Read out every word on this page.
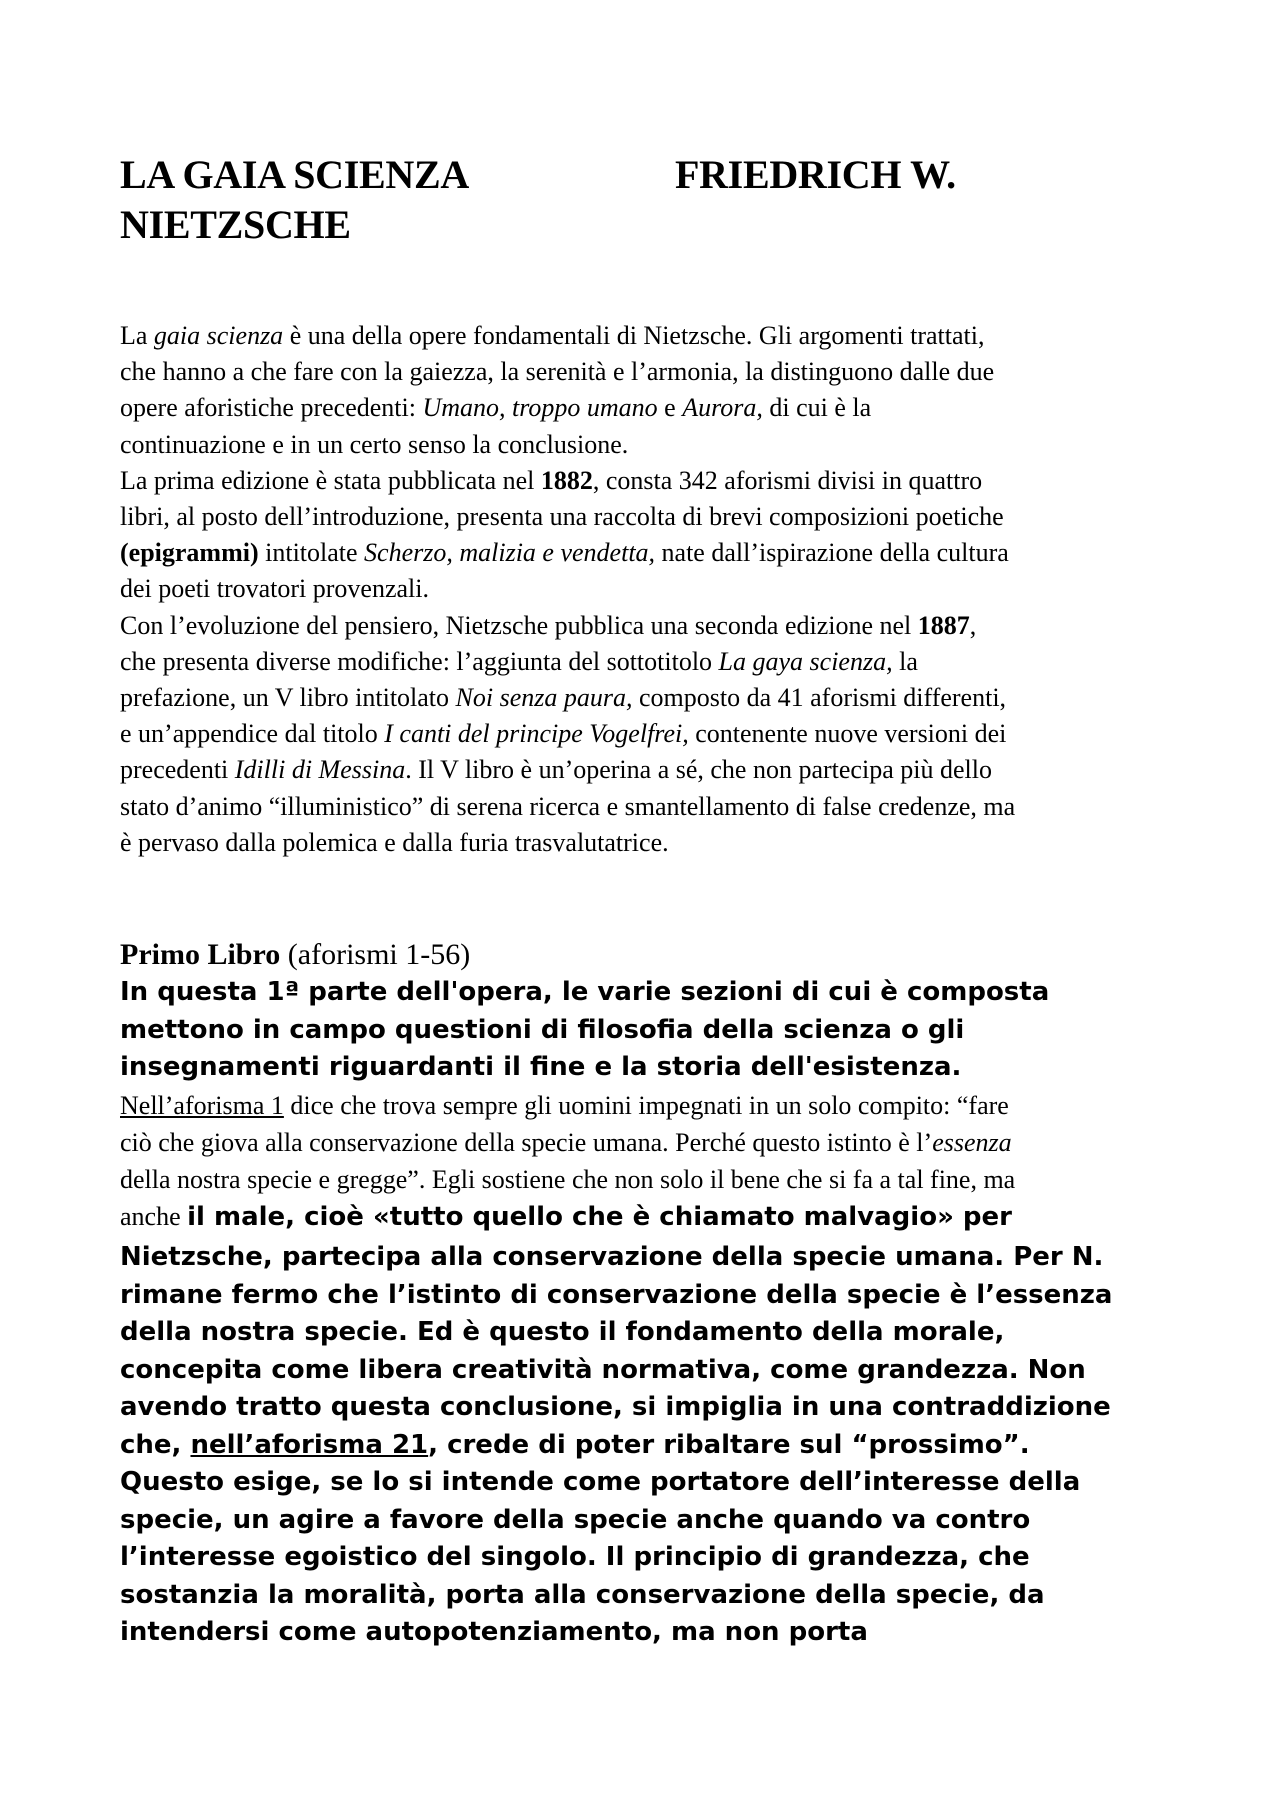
LA GAIA SCIENZA	FRIEDRICH W.
NIETZSCHE

La gaia scienza è una della opere fondamentali di Nietzsche. Gli argomenti trattati,

che hanno a che fare con la gaiezza, la serenità e l’armonia, la distinguono dalle due

opere aforistiche precedenti: Umano, troppo umano e Aurora, di cui è la

continuazione e in un certo senso la conclusione.

La prima edizione è stata pubblicata nel 1882, consta 342 aforismi divisi in quattro

libri, al posto dell’introduzione, presenta una raccolta di brevi composizioni poetiche

(epigrammi) intitolate Scherzo, malizia e vendetta, nate dall’ispirazione della cultura

dei poeti trovatori provenzali.

Con l’evoluzione del pensiero, Nietzsche pubblica una seconda edizione nel 1887,

che presenta diverse modifiche: l’aggiunta del sottotitolo La gaya scienza, la

prefazione, un V libro intitolato Noi senza paura, composto da 41 aforismi differenti,

e un’appendice dal titolo I canti del principe Vogelfrei, contenente nuove versioni dei

precedenti Idilli di Messina. Il V libro è un’operina a sé, che non partecipa più dello

stato d’animo “illuministico” di serena ricerca e smantellamento di false credenze, ma

è pervaso dalla polemica e dalla furia trasvalutatrice.

Primo Libro (aforismi 1-56)

In questa 1ª parte dell'opera, le varie sezioni di cui è composta

mettono in campo questioni di filosofia della scienza o gli

insegnamenti riguardanti il fine e la storia dell'esistenza.

Nell’aforisma 1 dice che trova sempre gli uomini impegnati in un solo compito: “fare

ciò che giova alla conservazione della specie umana. Perché questo istinto è l’essenza

della nostra specie e gregge”. Egli sostiene che non solo il bene che si fa a tal fine, ma

anche il male, cioè «tutto quello che è chiamato malvagio» per

Nietzsche, partecipa alla conservazione della specie umana. Per N.

rimane fermo che l’istinto di conservazione della specie è l’essenza

della nostra specie. Ed è questo il fondamento della morale,

concepita come libera creatività normativa, come grandezza. Non

avendo tratto questa conclusione, si impiglia in una contraddizione

che, nell’aforisma 21, crede di poter ribaltare sul “prossimo”.

Questo esige, se lo si intende come portatore dell’interesse della

specie, un agire a favore della specie anche quando va contro

l’interesse egoistico del singolo. Il principio di grandezza, che

sostanzia la moralità, porta alla conservazione della specie, da

intendersi come autopotenziamento, ma non porta
